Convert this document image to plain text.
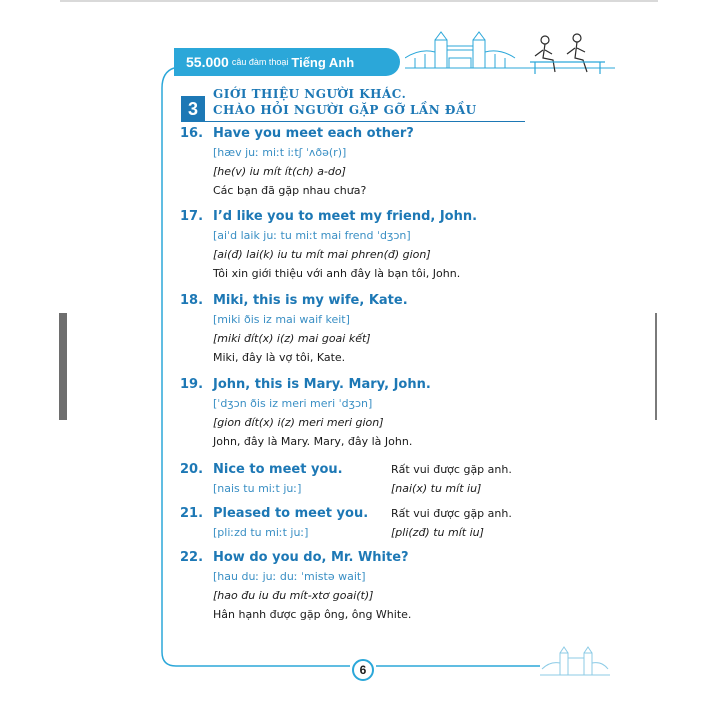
55.000 câu đàm thoại Tiếng Anh
3
GIỚI THIỆU NGƯỜI KHÁC.
CHÀO HỎI NGƯỜI GẶP GỠ LẦN ĐẦU
16. Have you meet each other?
[hæv juː miːt iːtʃ ˈʌðə(r)]
[he(v) iu mít ít(ch) a-do]
Các bạn đã gặp nhau chưa?
17. I’d like you to meet my friend, John.
[aiˈd laik juː tu miːt mai frend ˈdʒɔn]
[ai(đ) lai(k) iu tu mít mai phren(đ) gion]
Tôi xin giới thiệu với anh đây là bạn tôi, John.
18. Miki, this is my wife, Kate.
[miki ðis iz mai waif keit]
[miki đít(x) i(z) mai goai kết]
Miki, đây là vợ tôi, Kate.
19. John, this is Mary. Mary, John.
[ˈdʒɔn ðis iz meri meri ˈdʒɔn]
[gion đít(x) i(z) meri meri gion]
John, đây là Mary. Mary, đây là John.
20. Nice to meet you.
[nais tu miːt juː]
Rất vui được gặp anh.
[nai(x) tu mít iu]
21. Pleased to meet you.
[pliːzd tu miːt juː]
Rất vui được gặp anh.
[pli(zđ) tu mít iu]
22. How do you do, Mr. White?
[hau duː juː duː ˈmistə wait]
[hao đu iu đu mít-xtơ goai(t)]
Hân hạnh được gặp ông, ông White.
6
